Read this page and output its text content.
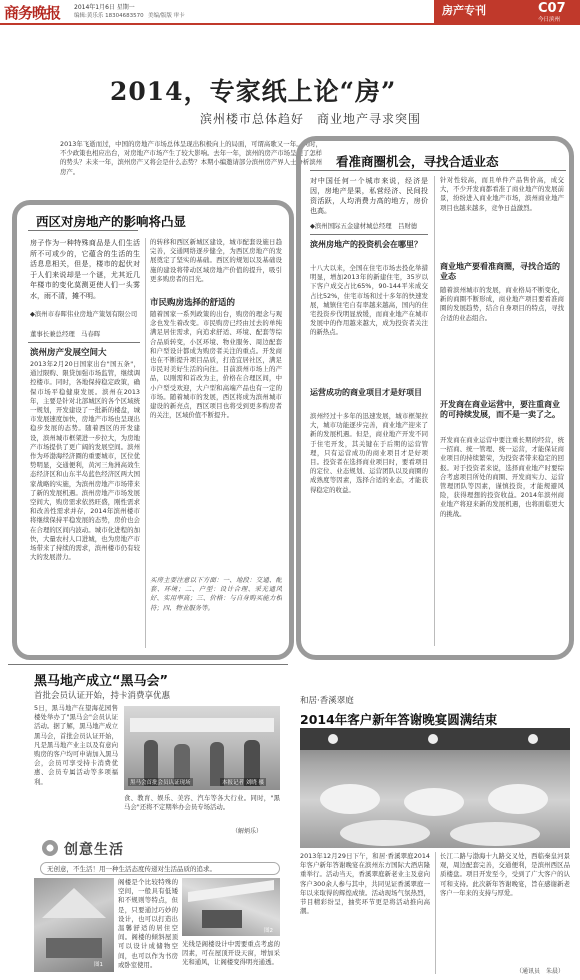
商务晚报 2014年1月6日 星期一
编辑:黄乐乐 18304683570 美编/版版 审卡	房产专刊	C07
今日滨州
2014，专家纸上论“房”
滨州楼市总体趋好　商业地产寻求突围
2013年飞逝而过，中国的房地产市场总体呈现出积极向上的局面，可谓高歌又一年。同时，不少政策也相应出台，对房地产市场产生了较大影响。去年一年，滨州的房产市场呈现了怎样的势头？未来一年，滨州房产又将会是什么态势？本期小编邀请部分滨州房产界人士分析滨州房产。
西区对房地产的影响将凸显
房子作为一种特殊商品是人们生活所不可或少的，它蕴含的生活的生活息息相关，但是，楼市的起伏对于人们来说却是一个谜，尤其近几年楼市的变化莫测更使人们一头雾水，雨不清，摊不明。
◆滨州市春晖伟业房地产策划有限公司
董事长兼总经理　马春晖
滨州房产发展空间大
2013年2月20日国家出台"国五条"，通过限购、限贷加强市场监管，继续调控楼市。同时，各地保持稳定政策，确保市场平稳健康发展。滨州在2013年，主要是针对北部城区的各个区域统一规划，开发建设了一批新的楼盘，城市发展速度加快，房地产市场也呈现出稳步发展的态势。随着西区的开发建设，滨州城市框架进一步拉大，为房地产市场提供了更广阔的发展空间。滨州作为环渤海经济圈的重要城市，区位优势明显，交通便利，黄河三角洲高效生态经济区和山东半岛蓝色经济区两大国家战略的实施，为滨州房地产市场带来了新的发展机遇。滨州房地产市场发展空间大，购房需求依然旺盛，刚性需求和改善性需求并存，2014年滨州楼市将继续保持平稳发展的态势，房价也会在合理的区间内波动。城市化进程的加快，大量农村人口进城，也为房地产市场带来了持续的需求，滨州楼市仍有较大的发展潜力。
的转移和西区新城区建设，城市配套设施日趋完善，交通网络逐步健全，为西区房地产的发展奠定了坚实的基础。西区的规划以及基础设施的建设将带动区域房地产价值的提升，吸引更多购房者的目光。
市民购房选择的舒适的
随着国家一系列政策的出台，购房的理念与观念也发生着改变。市民购房已经由过去的单纯满足居住需求，向追求舒适、环境、配套等综合品质转变，小区环境、物业服务、周边配套和户型设计都成为购房者关注的重点。开发商也在不断提升项目品质，打造宜居社区，满足市民对美好生活的向往。目前滨州市场上的产品，以刚需和首改为主，价格在合理区间，中小户型受欢迎，大户型和高端产品也有一定的市场。随着城市的发展，西区将成为滨州城市建设的新亮点，西区项目也将受到更多购房者的关注，区域价值不断提升。
买房主要注意以下方面：一、地段：交通、配套、环境；二、户型：设计合理、采光通风好、实用率高；三、价格：与自身购买能力相符；四、物业服务等。
看准商圈机会，寻找合适业态
对中国任何一个城市来说，经济是因，房地产是果，私营经济、民间投资活跃，人均消费力高的地方，房价也高。
◆滨州国际五金建材城总经理　吕财德
滨州房地产的投资机会在哪里？
十八大以来，全国在住宅市场去投化举措明显，增加2013年的新建住宅，35岁以下客户成交占比65%，90-144平米成交占比52%，住宅市场和过十多年的快速发展，城镇住宅自有率越来越高，国内的住宅投资步伐明显放缓，而商业地产在城市发展中的作用越来越大，成为投资者关注的新热点。
运营成功的商业项目才是好项目
滨州经过十多年的迅速发展，城市框架拉大，城市功能逐步完善，商业地产迎来了新的发展机遇。但是，商业地产开发不同于住宅开发，其关键在于后期的运营管理，只有运营成功的商业项目才是好项目。投资者在选择商业项目时，要看项目的定位、业态规划、运营团队以及商圈的成熟度等因素，选择合适的业态，才能获得稳定的收益。
针对性较高，而且单件产品售价高，成交大，不少开发商都看准了商业地产的发展前景，纷纷进入商业地产市场，滨州商业地产项目也越来越多，竞争日益激烈。
商业地产要看准商圈，寻找合适的业态
随着滨州城市的发展，商业格局不断变化，新的商圈不断形成，商业地产项目要看准商圈的发展趋势，结合自身项目的特点，寻找合适的业态组合。
开发商在商业运营中，要注重商业的可持续发展，而不是一卖了之。
开发商在商业运营中要注重长期的经营，统一招商、统一管理、统一运营，才能保证商业项目的持续繁荣，为投资者带来稳定的回报。对于投资者来说，选择商业地产时要综合考虑项目所处的商圈、开发商实力、运营管理团队等因素，谨慎投资，才能规避风险，获得理想的投资收益。2014年滨州商业地产将迎来新的发展机遇，也将面临更大的挑战。
黑马地产成立“黑马会”
首批会员认证开始，持卡消费享优惠
5日，黑马地产在望海花园售楼处举办了"黑马会"会员认证活动。据了解，黑马地产成立黑马会，首批会员认证开始，凡是黑马地产业主以及有意向购房的客户均可申请加入黑马会，会员可享受持卡消费优惠、会员专属活动等多项福利。	黑马会首批会员认证现场	本报记者 刘晓 摄
食、教育、娱乐、美容、汽车等各大行业。同时，"黑马会"还将不定期举办会员专场活动。
（解炳乐）
创意生活
无创意，不生活！用一种生活态度传递对生活品质的追求。
图1
阁楼是个比较特殊的空间，一般具有低矮和不规则等特点，但是，只要通过巧妙的设计，也可以打造出温馨舒适的居住空间。阁楼的倾斜屋顶可以设计成储物空间，也可以作为书房或卧室使用。
图2
光线是阁楼设计中需要重点考虑的因素，可在屋顶开设天窗，增加采光和通风，让阁楼变得明亮通透。
和居·香溪翠庭
2014年客户新年答谢晚宴圆满结束
2013年12月29日下午，和居·香溪翠庭2014年客户新年答谢晚宴在滨州东方国际大酒店隆重举行。活动当天，香溪翠庭新老业主及意向客户300余人参与其中，共同见证香溪翠庭一年以来取得的辉煌成绩。活动现场气氛热烈，节目精彩纷呈，抽奖环节更是将活动推向高潮。
长江二路与渤海十九路交叉处，西临秦皇河景观，周边配套完善，交通便利，是滨州西区品质楼盘。项目开发至今，受到了广大客户的认可和支持。此次新年答谢晚宴，旨在感谢新老客户一年来的支持与厚爱。
（通讯员　朱晨）
